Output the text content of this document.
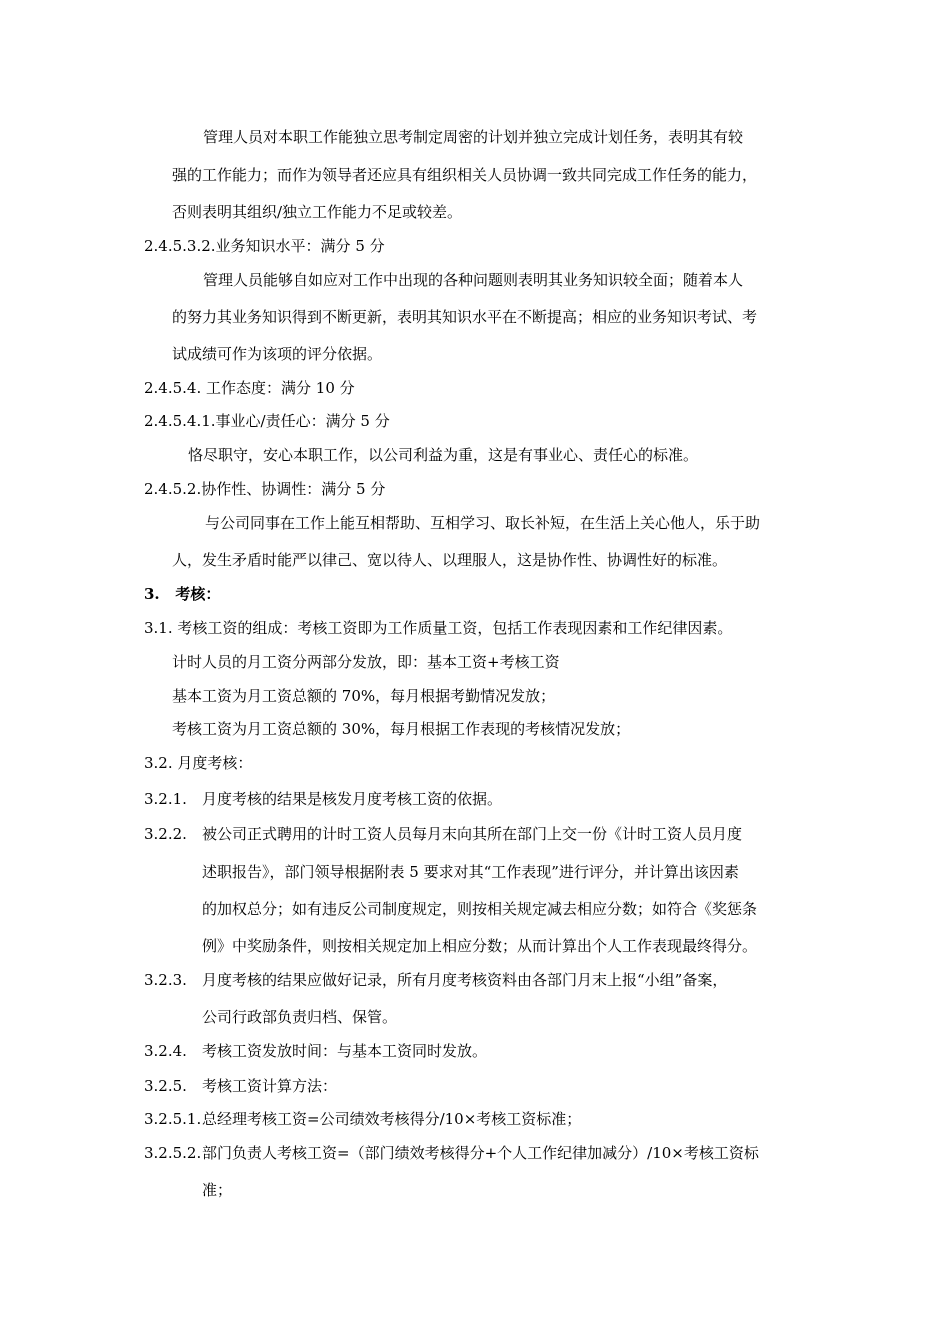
管理人员对本职工作能独立思考制定周密的计划并独立完成计划任务，表明其有较
强的工作能力；而作为领导者还应具有组织相关人员协调一致共同完成工作任务的能力，
否则表明其组织/独立工作能力不足或较差。
2.4.5.3.2.业务知识水平：满分 5 分
管理人员能够自如应对工作中出现的各种问题则表明其业务知识较全面；随着本人
的努力其业务知识得到不断更新，表明其知识水平在不断提高；相应的业务知识考试、考
试成绩可作为该项的评分依据。
2.4.5.4. 工作态度：满分 10 分
2.4.5.4.1.事业心/责任心：满分 5 分
恪尽职守，安心本职工作，以公司利益为重，这是有事业心、责任心的标准。
2.4.5.2.协作性、协调性：满分 5 分
与公司同事在工作上能互相帮助、互相学习、取长补短，在生活上关心他人，乐于助
人，发生矛盾时能严以律己、宽以待人、以理服人，这是协作性、协调性好的标准。
3.   考核：
3.1. 考核工资的组成：考核工资即为工作质量工资，包括工作表现因素和工作纪律因素。
计时人员的月工资分两部分发放，即：基本工资+考核工资
基本工资为月工资总额的 70%，每月根据考勤情况发放；
考核工资为月工资总额的 30%，每月根据工作表现的考核情况发放；
3.2. 月度考核：
3.2.1. 月度考核的结果是核发月度考核工资的依据。
3.2.2. 被公司正式聘用的计时工资人员每月末向其所在部门上交一份《计时工资人员月度
述职报告》，部门领导根据附表 5 要求对其“工作表现”进行评分，并计算出该因素
的加权总分；如有违反公司制度规定，则按相关规定减去相应分数；如符合《奖惩条
例》中奖励条件，则按相关规定加上相应分数；从而计算出个人工作表现最终得分。
3.2.3. 月度考核的结果应做好记录，所有月度考核资料由各部门月末上报“小组”备案，
公司行政部负责归档、保管。
3.2.4. 考核工资发放时间：与基本工资同时发放。
3.2.5. 考核工资计算方法：
3.2.5.1. 总经理考核工资=公司绩效考核得分/10×考核工资标准；
3.2.5.2. 部门负责人考核工资=（部门绩效考核得分+个人工作纪律加减分）/10×考核工资标
准；
